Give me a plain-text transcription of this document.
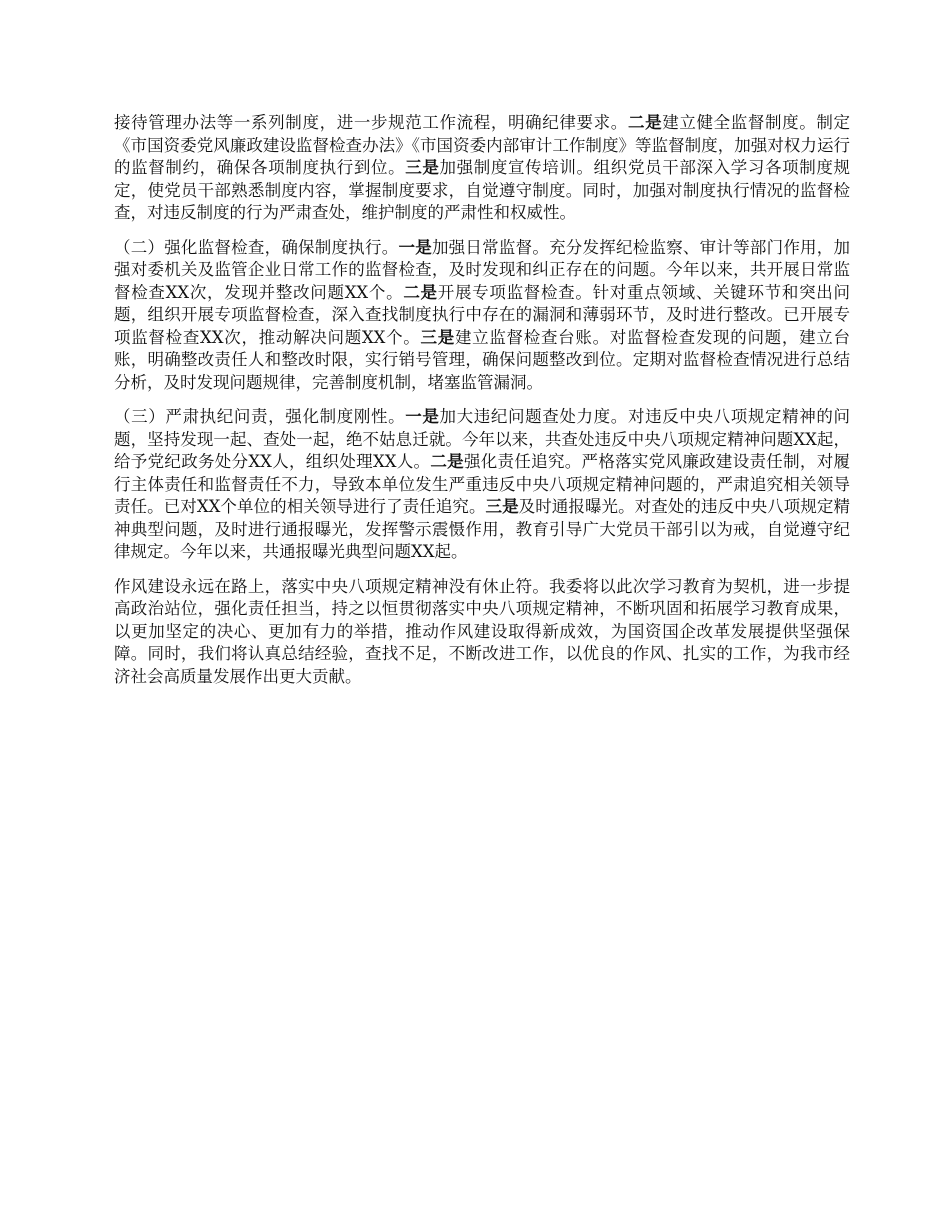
接待管理办法等一系列制度，进一步规范工作流程，明确纪律要求。二是建立健全监督制度。制定《市国资委党风廉政建设监督检查办法》《市国资委内部审计工作制度》等监督制度，加强对权力运行的监督制约，确保各项制度执行到位。三是加强制度宣传培训。组织党员干部深入学习各项制度规定，使党员干部熟悉制度内容，掌握制度要求，自觉遵守制度。同时，加强对制度执行情况的监督检查，对违反制度的行为严肃查处，维护制度的严肃性和权威性。

（二）强化监督检查，确保制度执行。一是加强日常监督。充分发挥纪检监察、审计等部门作用，加强对委机关及监管企业日常工作的监督检查，及时发现和纠正存在的问题。今年以来，共开展日常监督检查XX次，发现并整改问题XX个。二是开展专项监督检查。针对重点领域、关键环节和突出问题，组织开展专项监督检查，深入查找制度执行中存在的漏洞和薄弱环节，及时进行整改。已开展专项监督检查XX次，推动解决问题XX个。三是建立监督检查台账。对监督检查发现的问题，建立台账，明确整改责任人和整改时限，实行销号管理，确保问题整改到位。定期对监督检查情况进行总结分析，及时发现问题规律，完善制度机制，堵塞监管漏洞。

（三）严肃执纪问责，强化制度刚性。一是加大违纪问题查处力度。对违反中央八项规定精神的问题，坚持发现一起、查处一起，绝不姑息迁就。今年以来，共查处违反中央八项规定精神问题XX起，给予党纪政务处分XX人，组织处理XX人。二是强化责任追究。严格落实党风廉政建设责任制，对履行主体责任和监督责任不力，导致本单位发生严重违反中央八项规定精神问题的，严肃追究相关领导责任。已对XX个单位的相关领导进行了责任追究。三是及时通报曝光。对查处的违反中央八项规定精神典型问题，及时进行通报曝光，发挥警示震慑作用，教育引导广大党员干部引以为戒，自觉遵守纪律规定。今年以来，共通报曝光典型问题XX起。

作风建设永远在路上，落实中央八项规定精神没有休止符。我委将以此次学习教育为契机，进一步提高政治站位，强化责任担当，持之以恒贯彻落实中央八项规定精神，不断巩固和拓展学习教育成果，以更加坚定的决心、更加有力的举措，推动作风建设取得新成效，为国资国企改革发展提供坚强保障。同时，我们将认真总结经验，查找不足，不断改进工作，以优良的作风、扎实的工作，为我市经济社会高质量发展作出更大贡献。
